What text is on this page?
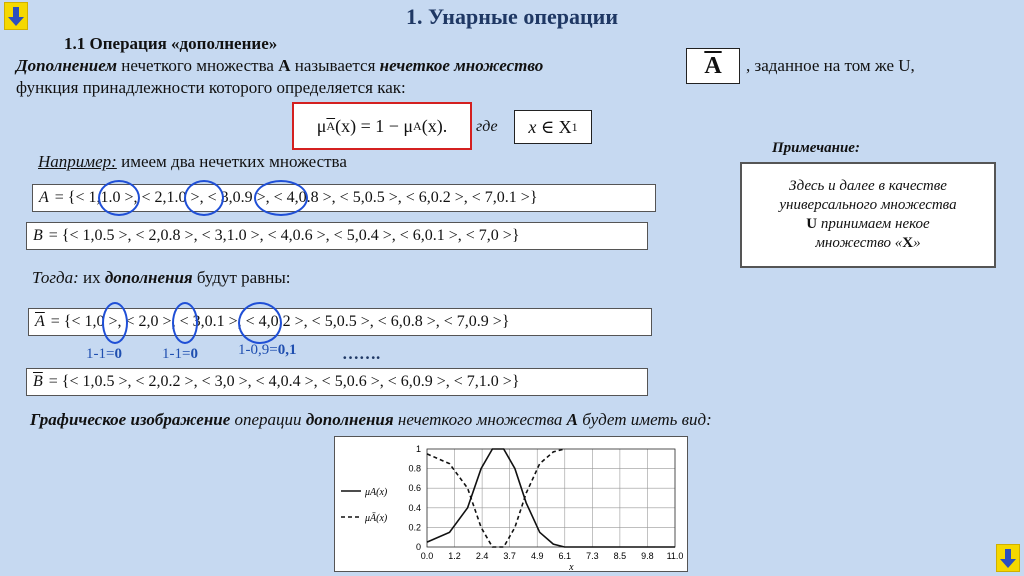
1. Унарные операции
1.1 Операция «дополнение»
Дополнением нечеткого множества А называется нечеткое множество	$\overline{A}$ , заданное на том же U,
функция принадлежности которого определяется как:
μ $\overline{A}$ (x) = 1 − μ A (x). где x
∈
X 1
Например: имеем два нечетких множества
A = {< 1,1.0 >, < 2,1.0 >, < 3,0.9 >, < 4,0.8 >, < 5,0.5 >, < 6,0.2 >, < 7,0.1 >}
B = {< 1,0.5 >, < 2,0.8 >, < 3,1.0 >, < 4,0.6 >, < 5,0.4 >, < 6,0.1 >, < 7,0 >}
Тогда: их дополнения будут равны:
$\overline{A}$ = {< 1,0 >, < 2,0 >, < 3,0.1 >, < 4,0.2 >, < 5,0.5 >, < 6,0.8 >, < 7,0.9 >}
1-1=0	1-1=0	1-0,9=0,1	…….
$\overline{B}$ = {< 1,0.5 >, < 2,0.2 >, < 3,0 >, < 4,0.4 >, < 5,0.6 >, < 6,0.9 >, < 7,1.0 >}
Примечание:
Здесь и далее в качестве
универсального множества
U принимаем некое
множество «X»
Графическое изображение операции дополнения нечеткого множества А будет иметь вид:
0.0 1.2 2.4 3.7 4.9 6.1 7.3 8.5 9.8 11.0
0
0.2
0.4
0.6
0.8
1
x
μA(x)
μĀ(x)
